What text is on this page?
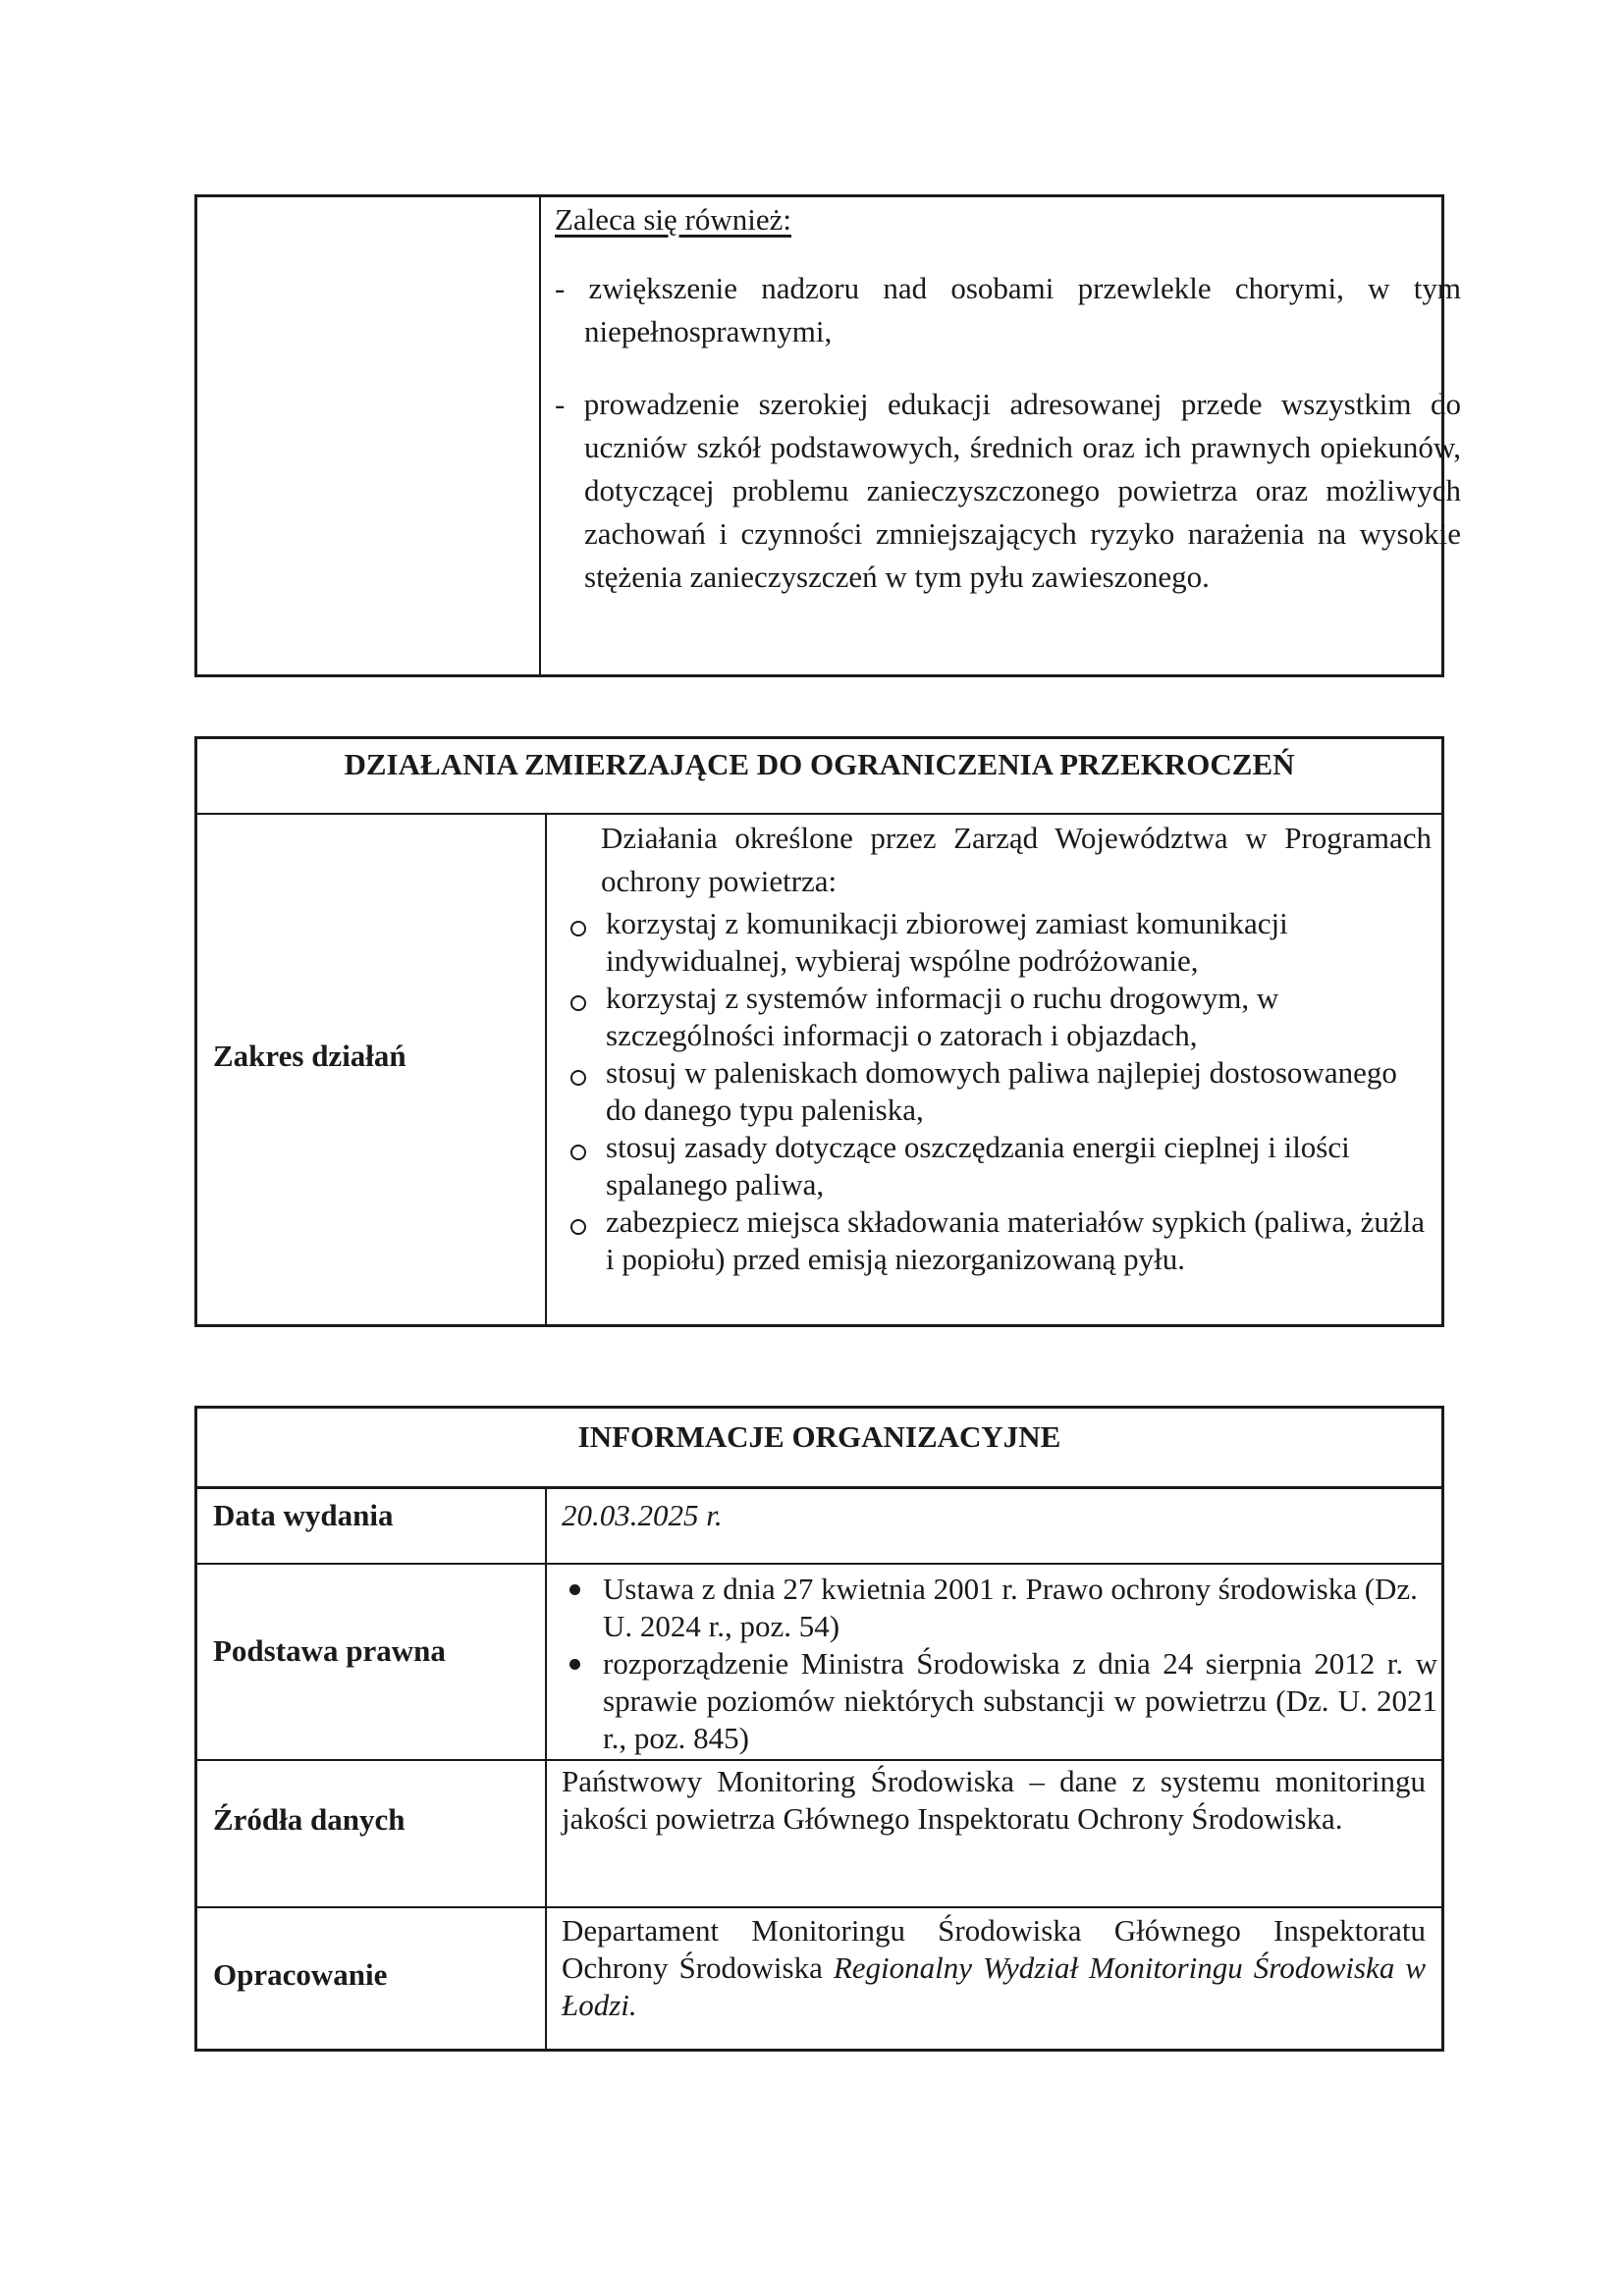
Zaleca się również:
- zwiększenie nadzoru nad osobami przewlekle chorymi, w tym niepełnosprawnymi,
- prowadzenie szerokiej edukacji adresowanej przede wszystkim do uczniów szkół podstawowych, średnich oraz ich prawnych opiekunów, dotyczącej problemu zanieczyszczonego powietrza oraz możliwych zachowań i czynności zmniejszających ryzyko narażenia na wysokie stężenia zanieczyszczeń w tym pyłu zawieszonego.
DZIAŁANIA ZMIERZAJĄCE DO OGRANICZENIA PRZEKROCZEŃ
Zakres działań
Działania określone przez Zarząd Województwa w Programach ochrony powietrza:
korzystaj z komunikacji zbiorowej zamiast komunikacji indywidualnej, wybieraj wspólne podróżowanie,
korzystaj z systemów informacji o ruchu drogowym, w szczególności informacji o zatorach i objazdach,
stosuj w paleniskach domowych paliwa najlepiej dostosowanego do danego typu paleniska,
stosuj zasady dotyczące oszczędzania energii cieplnej i ilości spalanego paliwa,
zabezpiecz miejsca składowania materiałów sypkich (paliwa, żużla i popiołu) przed emisją niezorganizowaną pyłu.
INFORMACJE ORGANIZACYJNE
Data wydania	20.03.2025 r.
Podstawa prawna
Ustawa z dnia 27 kwietnia 2001 r. Prawo ochrony środowiska (Dz. U. 2024 r., poz. 54)
rozporządzenie Ministra Środowiska z dnia 24 sierpnia 2012 r. w sprawie poziomów niektórych substancji w powietrzu (Dz. U. 2021 r., poz. 845)
Źródła danych
Państwowy Monitoring Środowiska – dane z systemu monitoringu jakości powietrza Głównego Inspektoratu Ochrony Środowiska.
Opracowanie
Departament Monitoringu Środowiska Głównego Inspektoratu Ochrony Środowiska Regionalny Wydział Monitoringu Środowiska w Łodzi.
